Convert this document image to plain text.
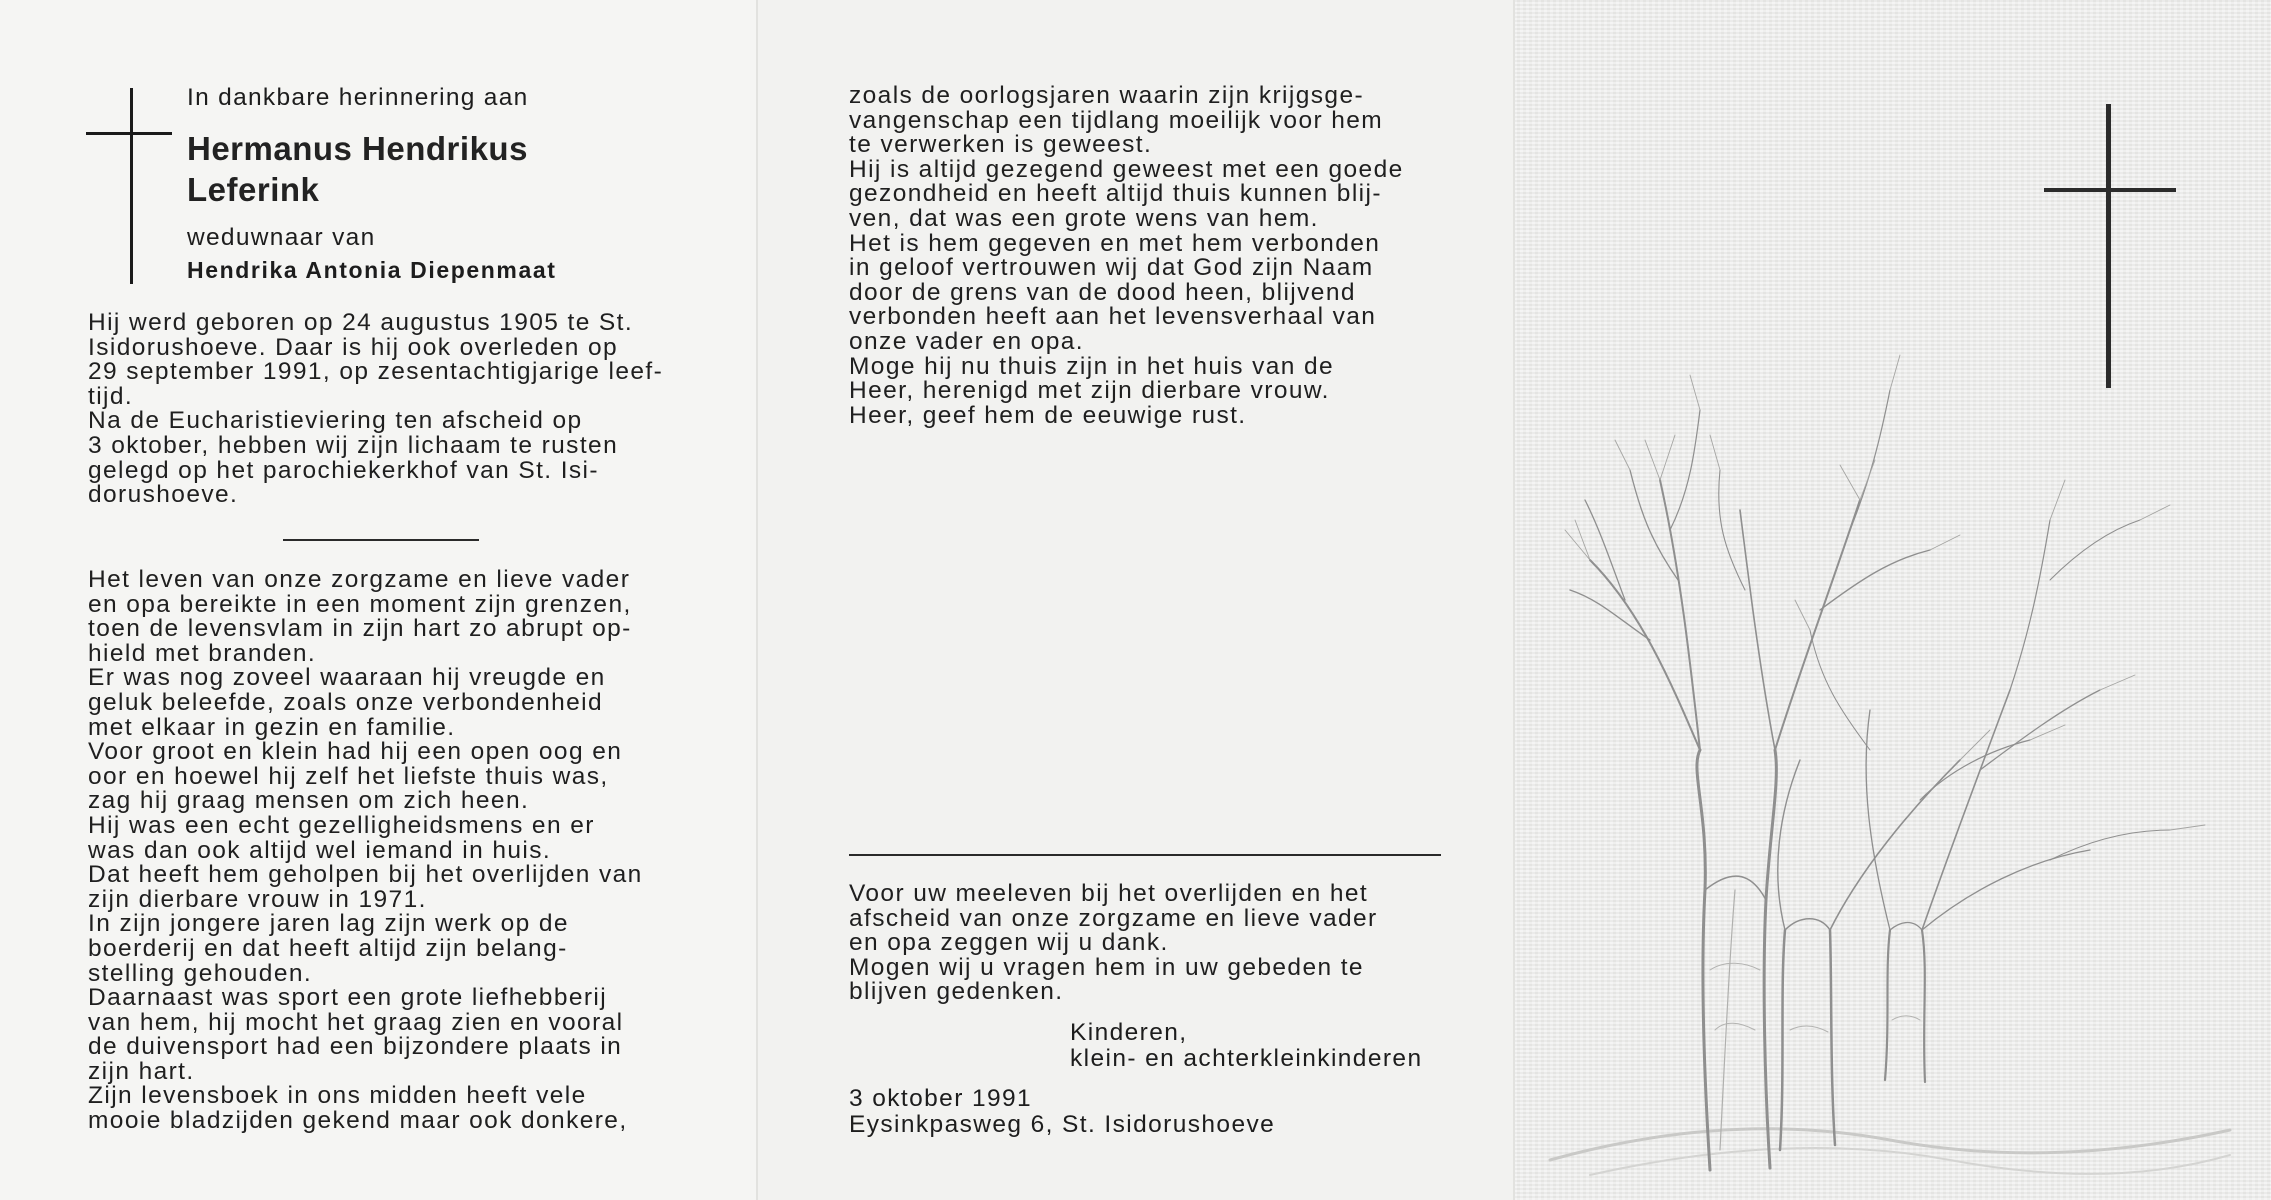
In dankbare herinnering aan
Hermanus Hendrikus
Leferink
weduwnaar van
Hendrika Antonia Diepenmaat

Hij werd geboren op 24 augustus 1905 te St.

Isidorushoeve. Daar is hij ook overleden op

29 september 1991, op zesentachtigjarige leef-

tijd.

Na de Eucharistieviering ten afscheid op

3 oktober, hebben wij zijn lichaam te rusten

gelegd op het parochiekerkhof van St. Isi-

dorushoeve.

Het leven van onze zorgzame en lieve vader

en opa bereikte in een moment zijn grenzen,

toen de levensvlam in zijn hart zo abrupt op-

hield met branden.

Er was nog zoveel waaraan hij vreugde en

geluk beleefde, zoals onze verbondenheid

met elkaar in gezin en familie.

Voor groot en klein had hij een open oog en

oor en hoewel hij zelf het liefste thuis was,

zag hij graag mensen om zich heen.

Hij was een echt gezelligheidsmens en er

was dan ook altijd wel iemand in huis.

Dat heeft hem geholpen bij het overlijden van

zijn dierbare vrouw in 1971.

In zijn jongere jaren lag zijn werk op de

boerderij en dat heeft altijd zijn belang-

stelling gehouden.

Daarnaast was sport een grote liefhebberij

van hem, hij mocht het graag zien en vooral

de duivensport had een bijzondere plaats in

zijn hart.

Zijn levensboek in ons midden heeft vele

mooie bladzijden gekend maar ook donkere,

zoals de oorlogsjaren waarin zijn krijgsge-

vangenschap een tijdlang moeilijk voor hem

te verwerken is geweest.

Hij is altijd gezegend geweest met een goede

gezondheid en heeft altijd thuis kunnen blij-

ven, dat was een grote wens van hem.

Het is hem gegeven en met hem verbonden

in geloof vertrouwen wij dat God zijn Naam

door de grens van de dood heen, blijvend

verbonden heeft aan het levensverhaal van

onze vader en opa.

Moge hij nu thuis zijn in het huis van de

Heer, herenigd met zijn dierbare vrouw.

Heer, geef hem de eeuwige rust.

Voor uw meeleven bij het overlijden en het

afscheid van onze zorgzame en lieve vader

en opa zeggen wij u dank.

Mogen wij u vragen hem in uw gebeden te

blijven gedenken.

Kinderen,
klein- en achterkleinkinderen
3 oktober 1991
Eysinkpasweg 6, St. Isidorushoeve
